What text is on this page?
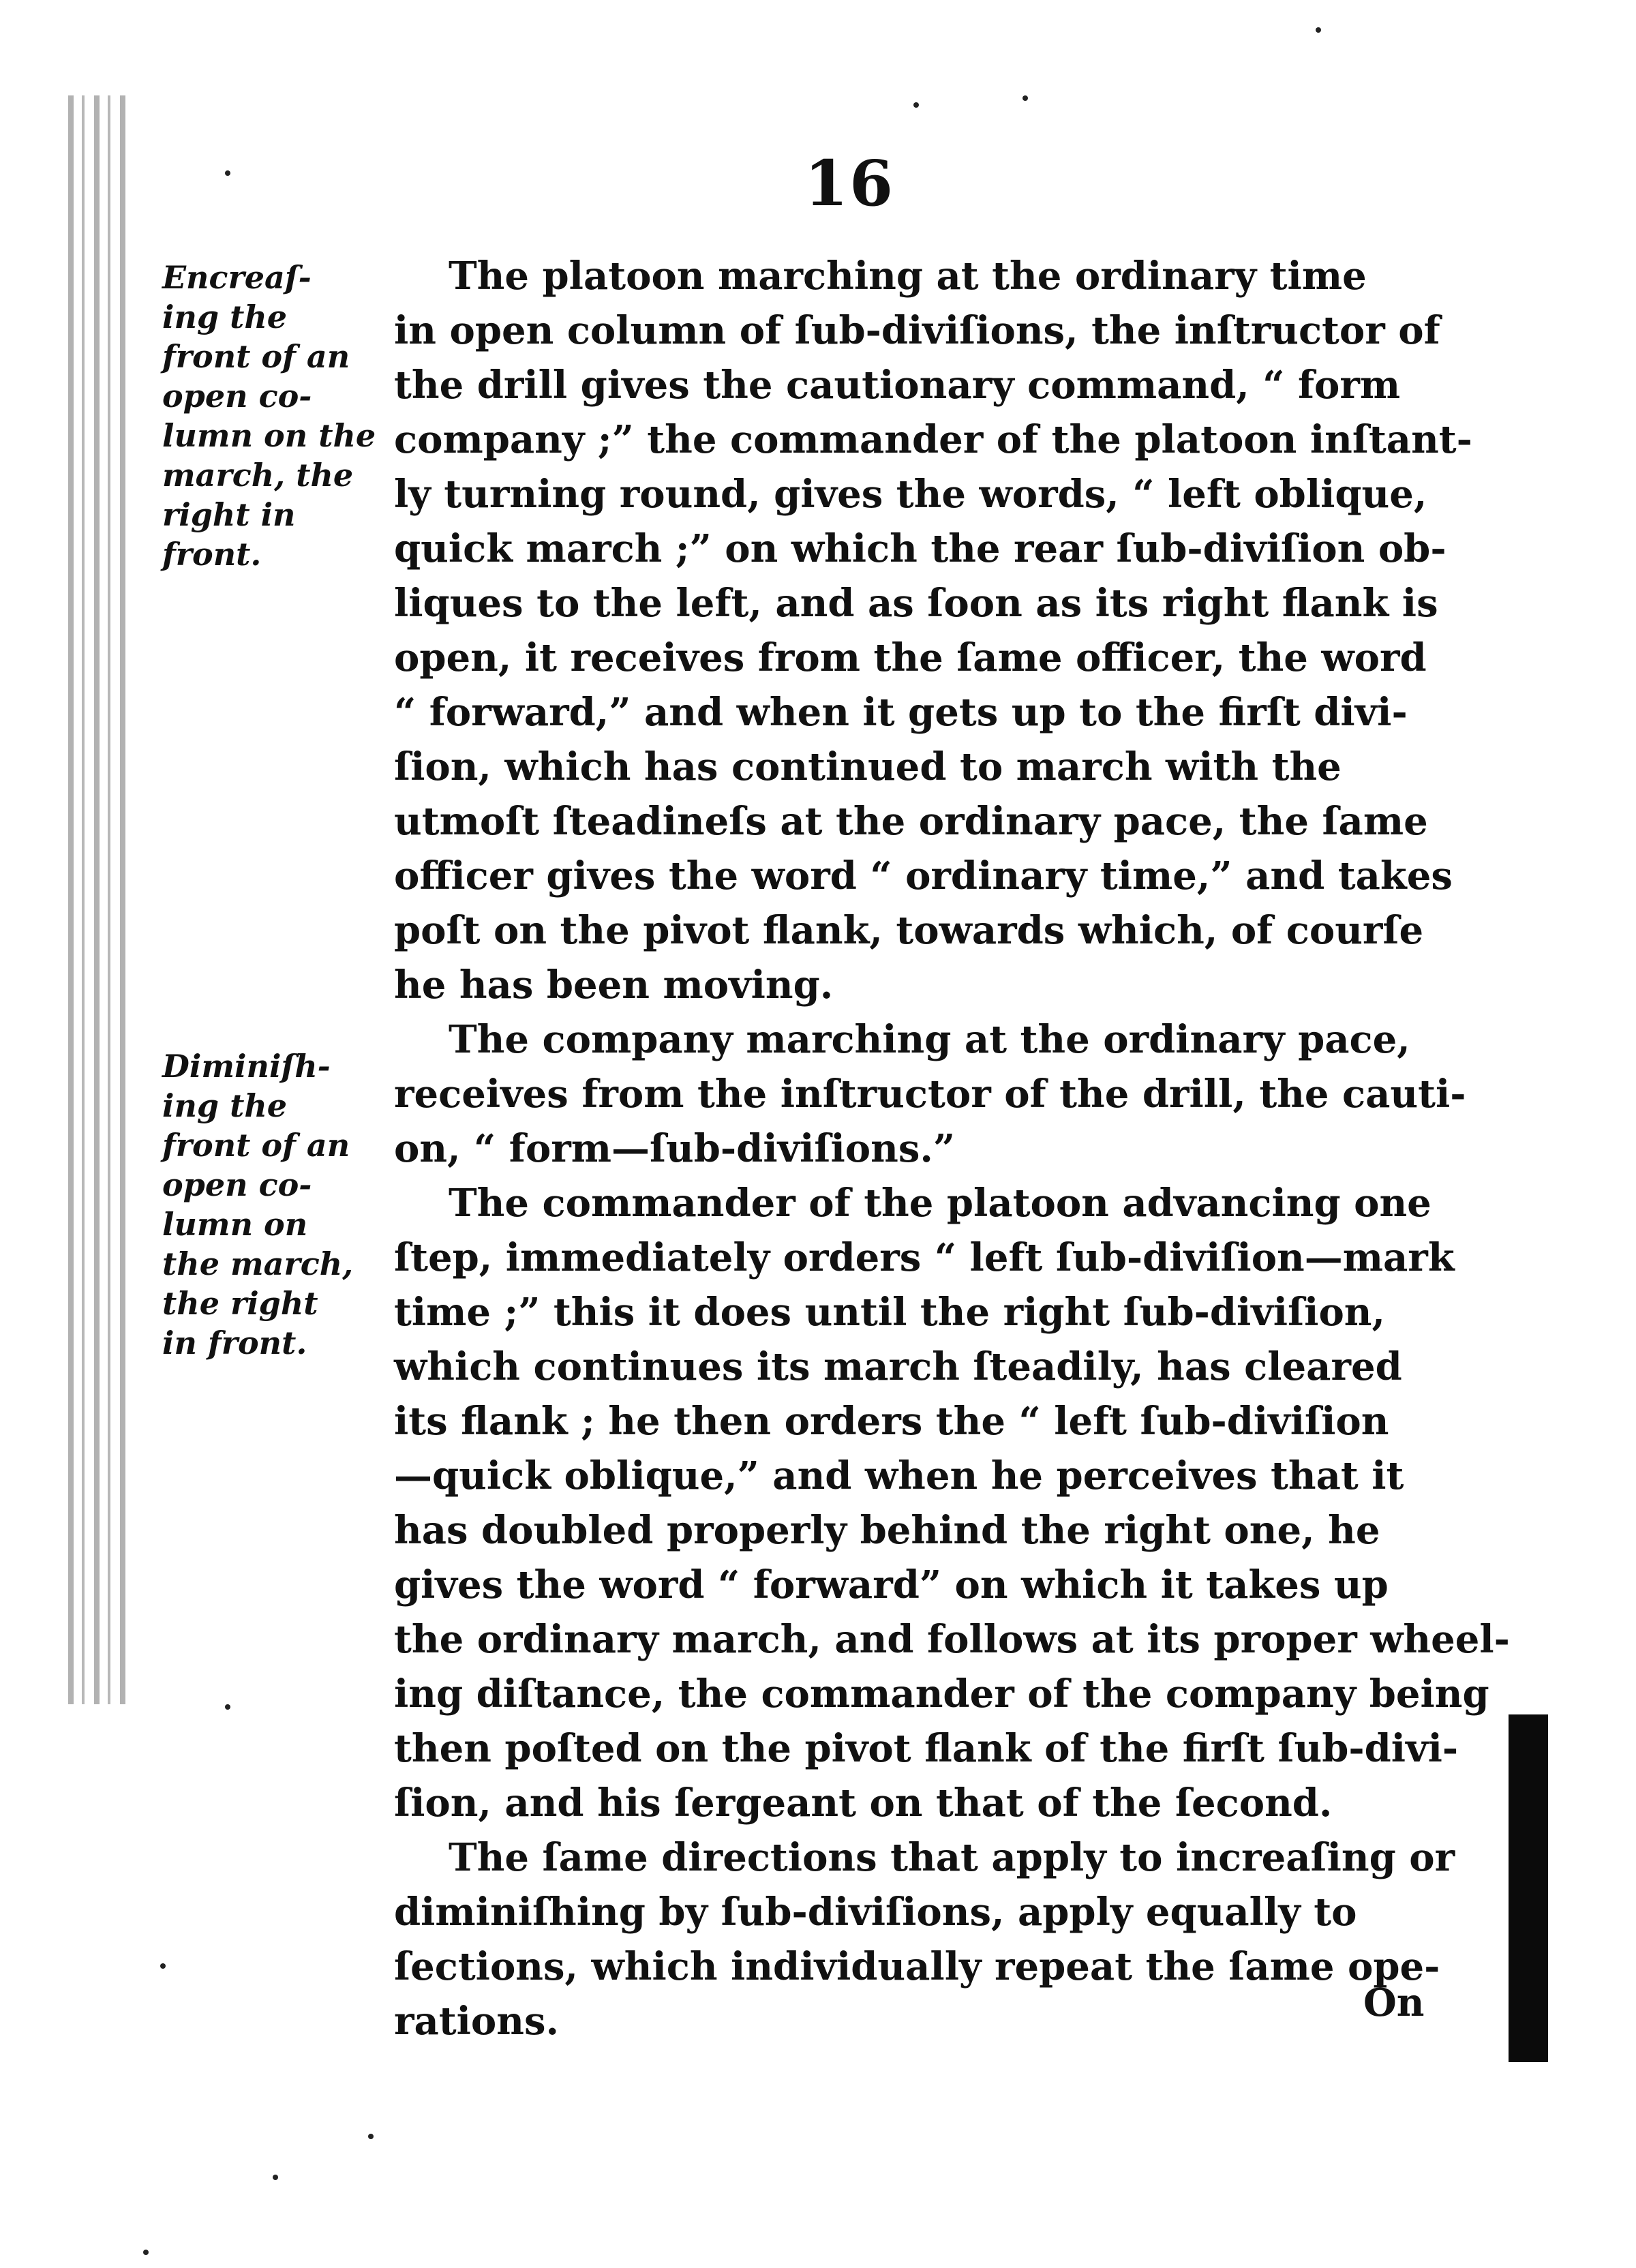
16
Encreaſ-
ing the
front of an
open co-
lumn on the
march, the
right in
front.
Diminiſh-
ing the
front of an
open co-
lumn on
the march,
the right
in front.
The platoon marching at the ordinary time
in open column of ſub-diviſions, the inſtructor of
the drill gives the cautionary command, “ form
company ;” the commander of the platoon inſtant-
ly turning round, gives the words, “ left oblique,
quick march ;” on which the rear ſub-diviſion ob-
liques to the left, and as ſoon as its right flank is
open, it receives from the ſame officer, the word
“ forward,” and when it gets up to the firſt divi-
ſion, which has continued to march with the
utmoſt ſteadineſs at the ordinary pace, the ſame
officer gives the word “ ordinary time,” and takes
poſt on the pivot flank, towards which, of courſe
he has been moving.
The company marching at the ordinary pace,
receives from the inſtructor of the drill, the cauti-
on, “ form—ſub-diviſions.”
The commander of the platoon advancing one
ſtep, immediately orders “ left ſub-diviſion—mark
time ;” this it does until the right ſub-diviſion,
which continues its march ſteadily, has cleared
its flank ; he then orders the “ left ſub-diviſion
—quick oblique,” and when he perceives that it
has doubled properly behind the right one, he
gives the word “ forward” on which it takes up
the ordinary march, and follows at its proper wheel-
ing diſtance, the commander of the company being
then poſted on the pivot flank of the firſt ſub-divi-
ſion, and his ſergeant on that of the ſecond.
The ſame directions that apply to increaſing or
diminiſhing by ſub-diviſions, apply equally to
ſections, which individually repeat the ſame ope-
rations.	On
